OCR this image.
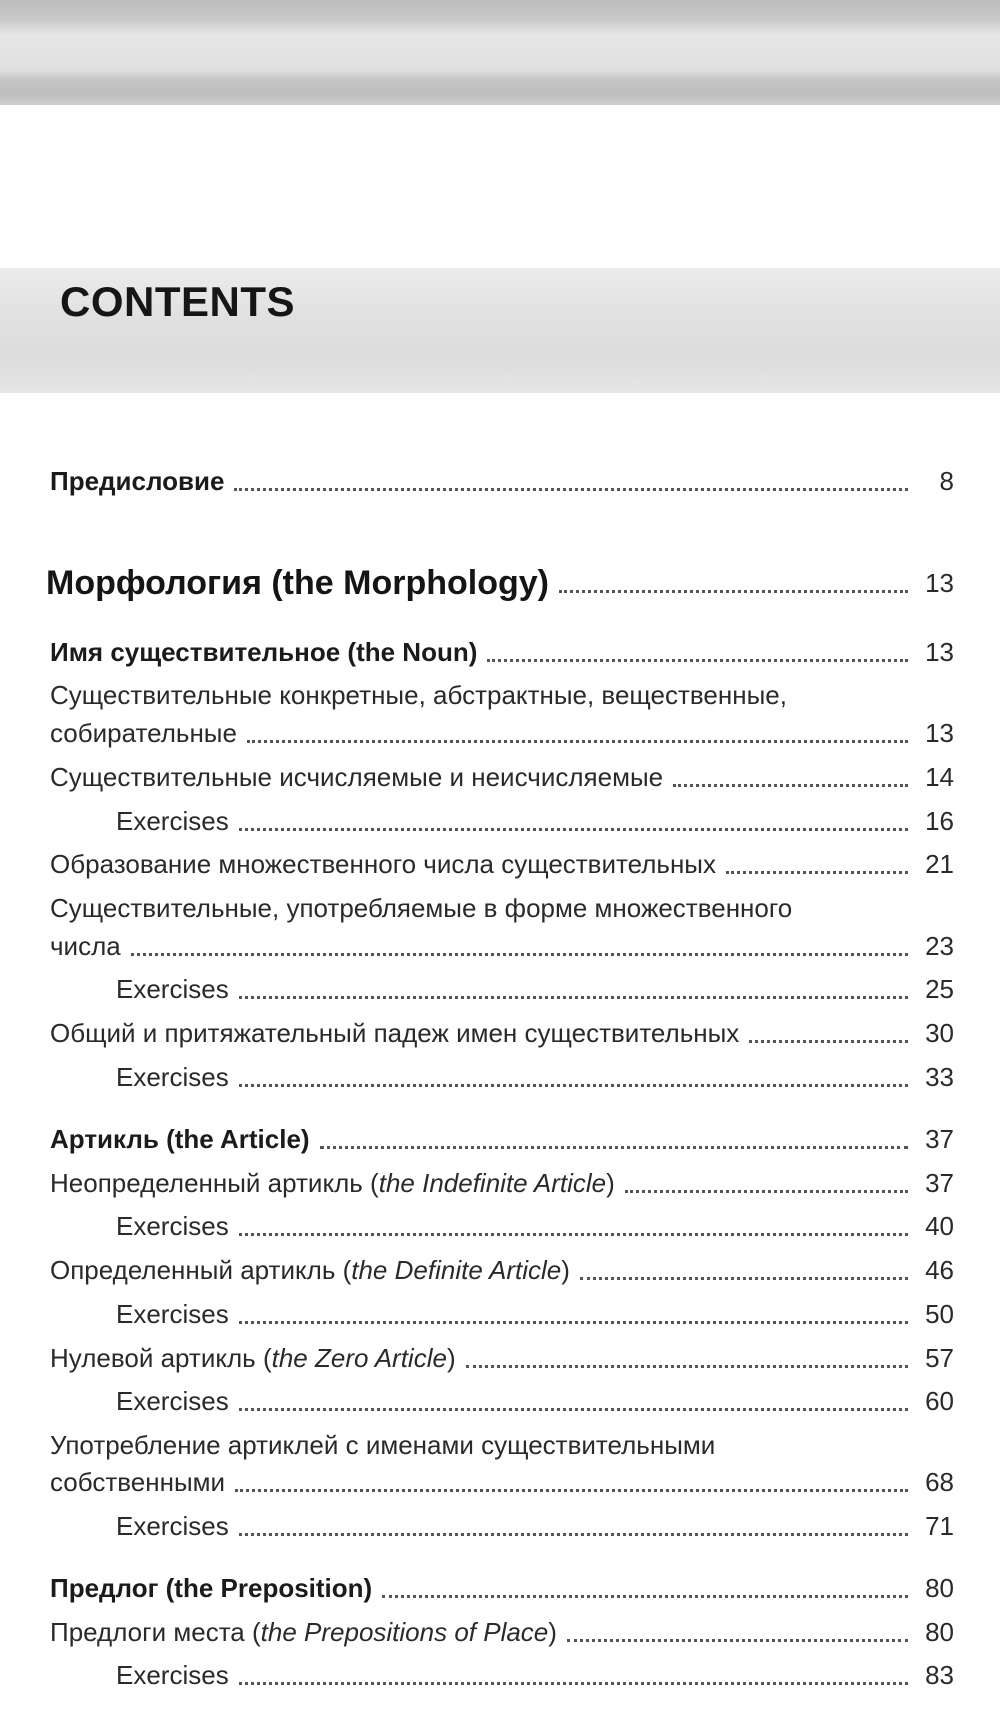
CONTENTS
Предисловие	8
Морфология (the Morphology)	13
Имя существительное (the Noun)	13
Существительные конкретные, абстрактные, вещественные,
собирательные	13
Существительные исчисляемые и неисчисляемые	14
Exercises	16
Образование множественного числа существительных	21
Существительные, употребляемые в форме множественного
числа	23
Exercises	25
Общий и притяжательный падеж имен существительных	30
Exercises	33
Артикль (the Article)	37
Неопределенный артикль (the Indefinite Article)	37
Exercises	40
Определенный артикль (the Definite Article)	46
Exercises	50
Нулевой артикль (the Zero Article)	57
Exercises	60
Употребление артиклей с именами существительными
собственными	68
Exercises	71
Предлог (the Preposition)	80
Предлоги места (the Prepositions of Place)	80
Exercises	83
